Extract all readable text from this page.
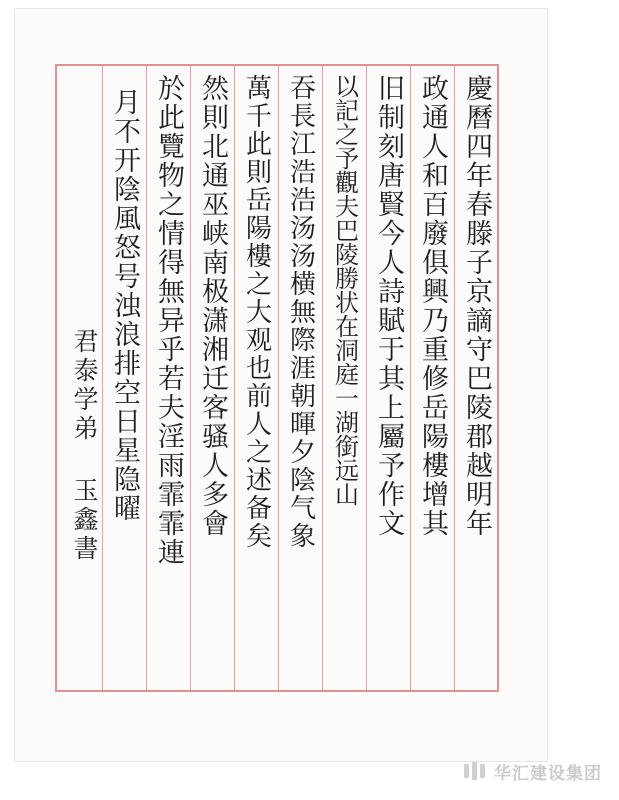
慶曆四年春滕子京謫守巴陵郡越明年
政通人和百廢俱興乃重修岳陽樓增其
旧制刻唐賢今人詩賦于其上屬予作文
以記之予觀夫巴陵勝状在洞庭一湖銜远山
吞長江浩浩汤汤横無際涯朝暉夕陰气象
萬千此則岳陽樓之大观也前人之述备矣
然則北通巫峡南极潇湘迁客骚人多會
於此覽物之情得無异乎若夫淫雨霏霏連
月不开陰風怒号浊浪排空日星隐曜
君泰学弟 玉鑫書
华汇建设集团
